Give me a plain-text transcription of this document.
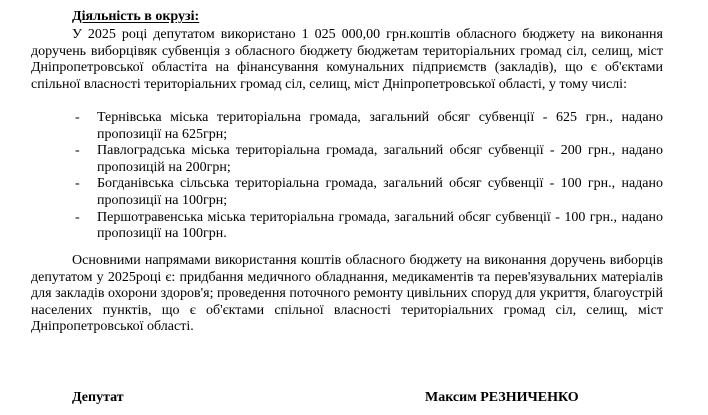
Діяльність в окрузі:

У 2025 році депутатом використано 1 025 000,00 грн.коштів обласного бюджету на виконання доручень виборцівяк субвенція з обласного бюджету бюджетам територіальних громад сіл, селищ, міст Дніпропетровської областіта на фінансування комунальних підприємств (закладів), що є об'єктами спільної власності територіальних громад сіл, селищ, міст Дніпропетровської області, у тому числі:

- Тернівська міська територіальна громада, загальний обсяг субвенції - 625 грн., надано пропозиції на 625грн;
- Павлоградська міська територіальна громада, загальний обсяг субвенції - 200 грн., надано пропозицій на 200грн;
- Богданівська сільська територіальна громада, загальний обсяг субвенції - 100 грн., надано пропозиції на 100грн;
- Першотравенська міська територіальна громада, загальний обсяг субвенції - 100 грн., надано пропозиції на 100грн.

Основними напрямами використання коштів обласного бюджету на виконання доручень виборців депутатом у 2025році є: придбання медичного обладнання, медикаментів та перев'язувальних матеріалів для закладів охорони здоров'я; проведення поточного ремонту цивільних споруд для укриття, благоустрій населених пунктів, що є об'єктами спільної власності територіальних громад сіл, селищ, міст Дніпропетровської області.

Депутат	Максим РЕЗНИЧЕНКО
